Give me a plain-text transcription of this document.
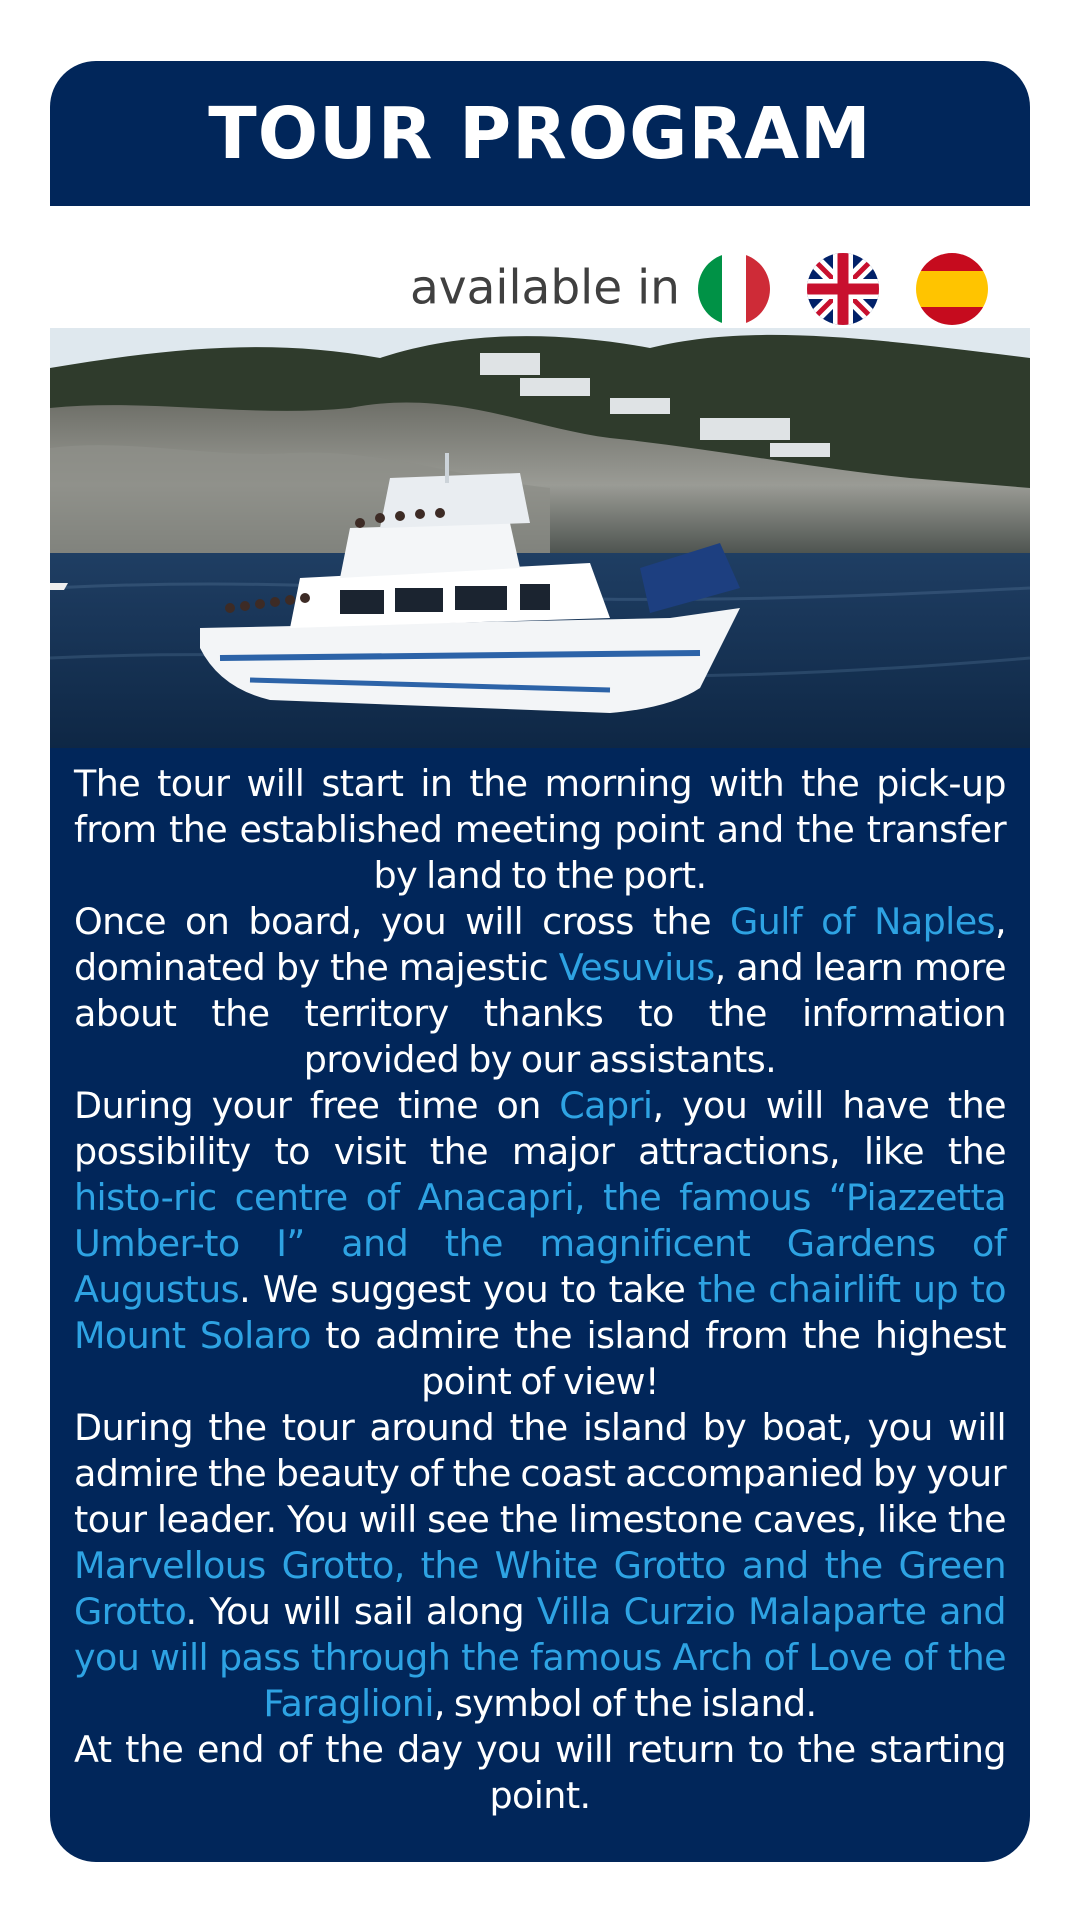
TOUR PROGRAM
available in

The tour will start in the morning with the pick-up from the established meeting point and the transfer by land to the port.

Once on board, you will cross the Gulf of Naples, dominated by the majestic Vesuvius, and learn more about the territory thanks to the information provided by our assistants.

During your free time on Capri, you will have the possibility to visit the major attractions, like the histo-ric centre of Anacapri, the famous “Piazzetta Umber-to I” and the magnificent Gardens of Augustus. We suggest you to take the chairlift up to Mount Solaro to admire the island from the highest point of view!

During the tour around the island by boat, you will admire the beauty of the coast accompanied by your tour leader. You will see the limestone caves, like the Marvellous Grotto, the White Grotto and the Green Grotto. You will sail along Villa Curzio Malaparte and you will pass through the famous Arch of Love of the Faraglioni, symbol of the island.

At the end of the day you will return to the starting point.
